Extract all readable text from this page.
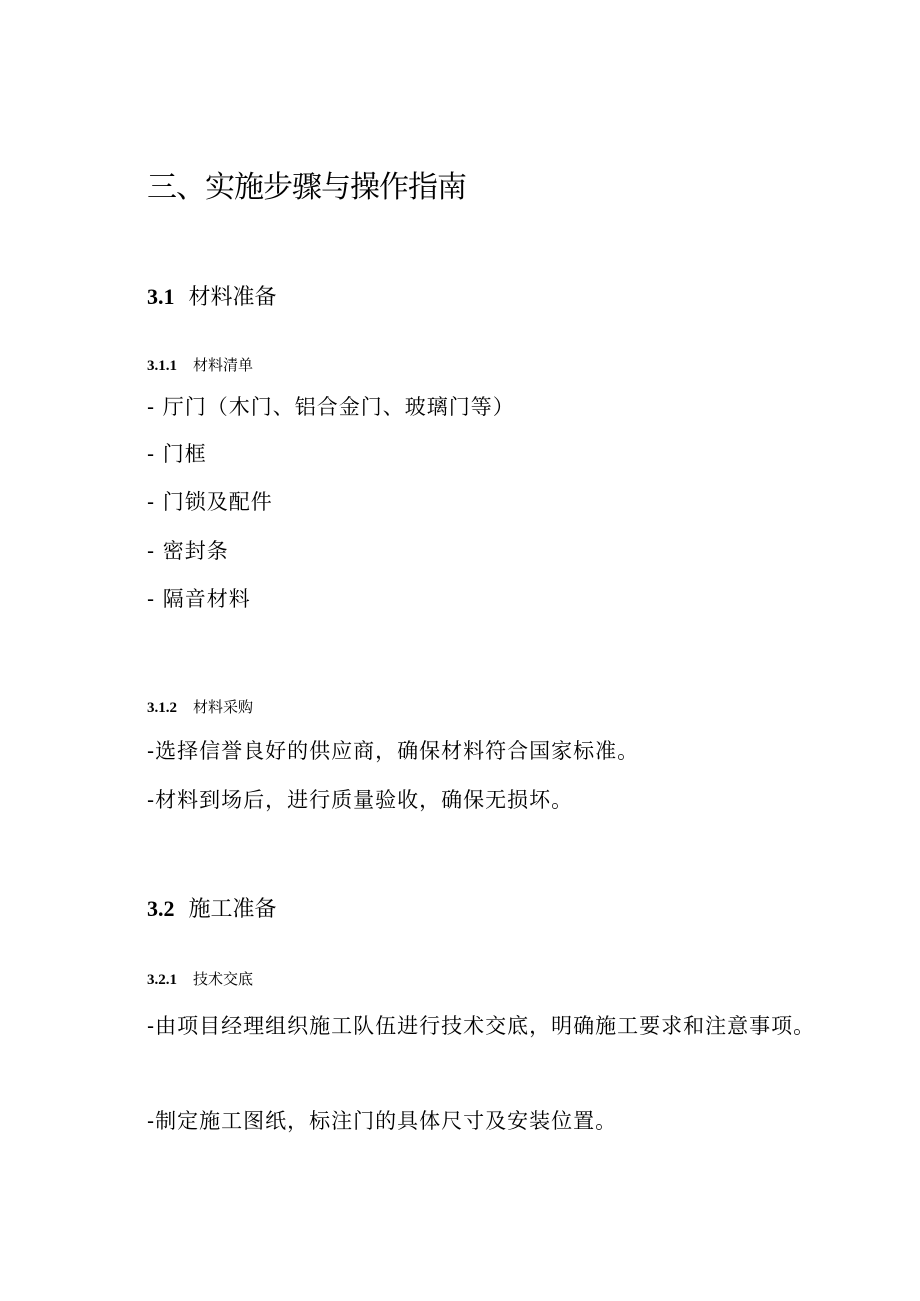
三、实施步骤与操作指南
3.1 材料准备
3.1.1 材料清单
- 厅门（木门、铝合金门、玻璃门等）
- 门框
- 门锁及配件
- 密封条
- 隔音材料
3.1.2 材料采购
-选择信誉良好的供应商，确保材料符合国家标准。
-材料到场后，进行质量验收，确保无损坏。
3.2 施工准备
3.2.1 技术交底
-由项目经理组织施工队伍进行技术交底，明确施工要求和注意事项。
-制定施工图纸，标注门的具体尺寸及安装位置。
